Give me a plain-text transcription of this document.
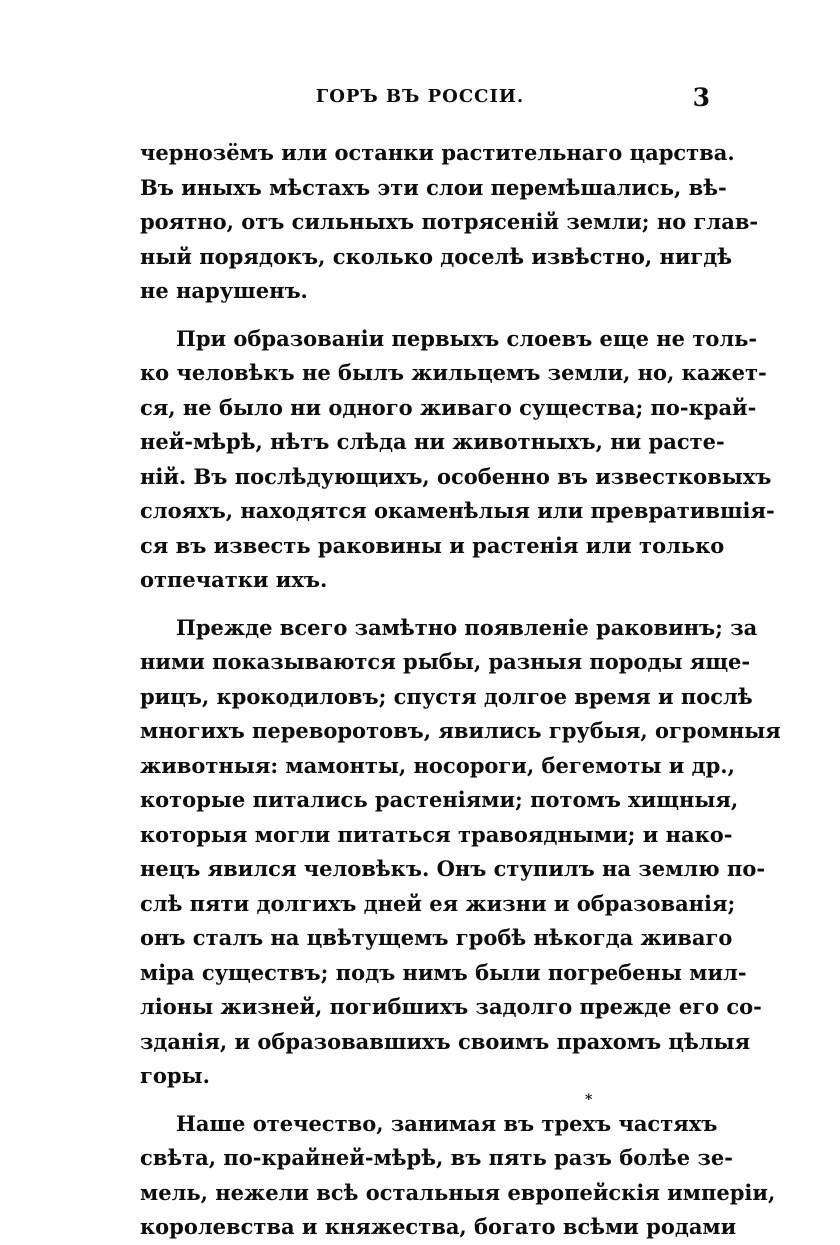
ГОРЪ ВЪ РОССІИ.	3
чернозёмъ или останки растительнаго царства.
Въ иныхъ мѣстахъ эти слои перемѣшались, вѣ-
роятно, отъ сильныхъ потрясеній земли; но глав-
ный порядокъ, сколько доселѣ извѣстно, нигдѣ
не нарушенъ.
При образованіи первыхъ слоевъ еще не толь-
ко человѣкъ не былъ жильцемъ земли, но, кажет-
ся, не было ни одного живаго существа; по-край-
ней-мѣрѣ, нѣтъ слѣда ни животныхъ, ни расте-
ній. Въ послѣдующихъ, особенно въ известковыхъ
слояхъ, находятся окаменѣлыя или превратившія-
ся въ известь раковины и растенія или только
отпечатки ихъ.
Прежде всего замѣтно появленіе раковинъ; за
ними показываются рыбы, разныя породы яще-
рицъ, крокодиловъ; спустя долгое время и послѣ
многихъ переворотовъ, явились грубыя, огромныя
животныя: мамонты, носороги, бегемоты и др.,
которые питались растеніями; потомъ хищныя,
которыя могли питаться травоядными; и нако-
нецъ явился человѣкъ. Онъ ступилъ на землю по-
слѣ пяти долгихъ дней ея жизни и образованія;
онъ сталъ на цвѣтущемъ гробѣ нѣкогда живаго
міра существъ; подъ нимъ были погребены мил-
ліоны жизней, погибшихъ задолго прежде его со-
зданія, и образовавшихъ своимъ прахомъ цѣлыя
горы.
Наше отечество, занимая въ трехъ частяхъ
свѣта, по-крайней-мѣрѣ, въ пять разъ болѣе зе-
мель, нежели всѣ остальныя европейскія имперіи,
королевства и княжества, богато всѣми родами
*
